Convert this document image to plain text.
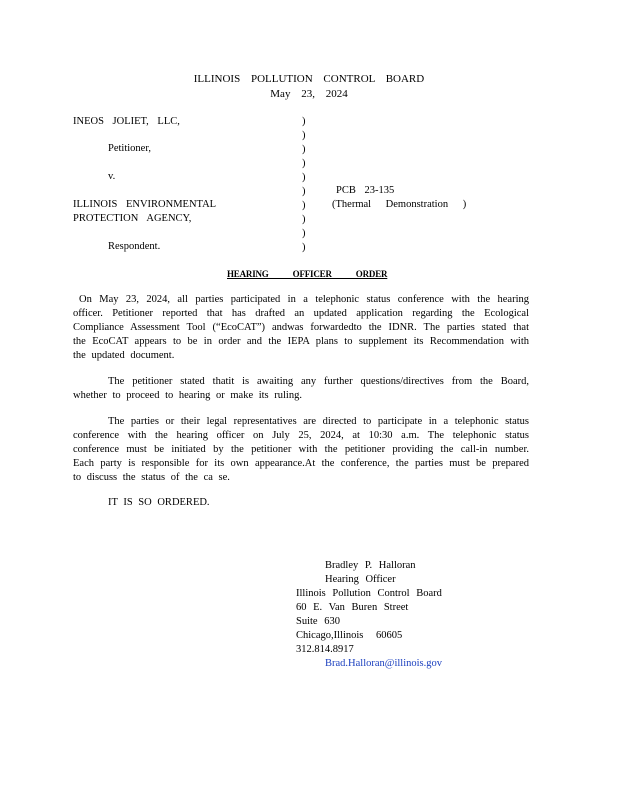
ILLINOIS POLLUTION CONTROL BOARD
May 23, 2024
INEOS JOLIET, LLC,
Petitioner,
v.
ILLINOIS ENVIRONMENTAL
PROTECTION AGENCY,
Respondent.
)
)
)
)
)
)
)
)
)
)
PCB 23-135
(Thermal Demonstration )
HEARING OFFICER ORDER
On May 23, 2024, all parties participated in a telephonic status conference with the hearing officer. Petitioner reported that has drafted an updated application regarding the Ecological Compliance Assessment Tool (“EcoCAT”) andwas forwardedto the IDNR. The parties stated that the EcoCAT appears to be in order and the IEPA plans to supplement its Recommendation with the updated document.
The petitioner stated thatit is awaiting any further questions/directives from the Board, whether to proceed to hearing or make its ruling.
The parties or their legal representatives are directed to participate in a telephonic status conference with the hearing officer on July 25, 2024, at 10:30 a.m. The telephonic status conference must be initiated by the petitioner with the petitioner providing the call-in number. Each party is responsible for its own appearance.At the conference, the parties must be prepared to discuss the status of the ca se.
IT IS SO ORDERED.
Bradley P. Halloran
Hearing Officer
Illinois Pollution Control Board
60 E. Van Buren Street
Suite 630
Chicago,Illinois 60605
312.814.8917
Brad.Halloran@illinois.gov
